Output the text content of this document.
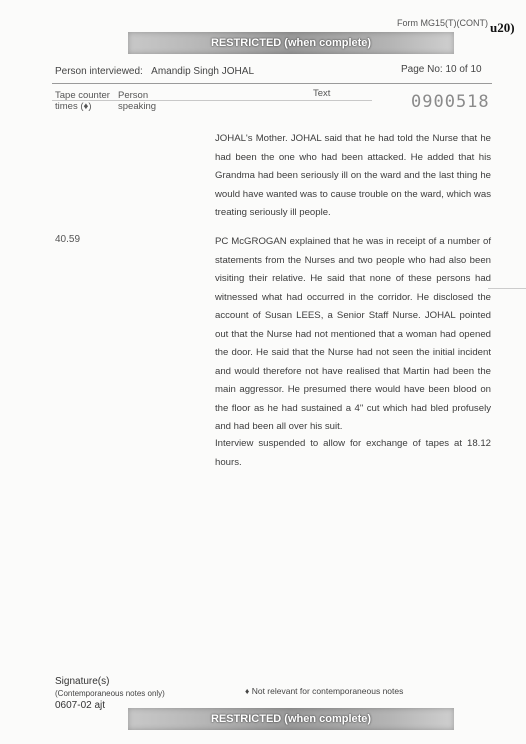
Form MG15(T)(CONT) u20)
RESTRICTED (when complete)
Person interviewed: Amandip Singh JOHAL	Page No: 10 of 10
Tape counter times (♦)
Person speaking
Text	0900518

JOHAL's Mother. JOHAL said that he had told the Nurse that he had been the one who had been attacked. He added that his Grandma had been seriously ill on the ward and the last thing he would have wanted was to cause trouble on the ward, which was treating seriously ill people.

40.59	PC McGROGAN explained that he was in receipt of a number of statements from the Nurses and two people who had also been visiting their relative. He said that none of these persons had witnessed what had occurred in the corridor. He disclosed the account of Susan LEES, a Senior Staff Nurse. JOHAL pointed out that the Nurse had not mentioned that a woman had opened the door. He said that the Nurse had not seen the initial incident and would therefore not have realised that Martin had been the main aggressor. He presumed there would have been blood on the floor as he had sustained a 4" cut which had bled profusely and had been all over his suit.

Interview suspended to allow for exchange of tapes at 18.12 hours.

Signature(s)
(Contemporaneous notes only)
0607-02 ajt
♦ Not relevant for contemporaneous notes
RESTRICTED (when complete)
